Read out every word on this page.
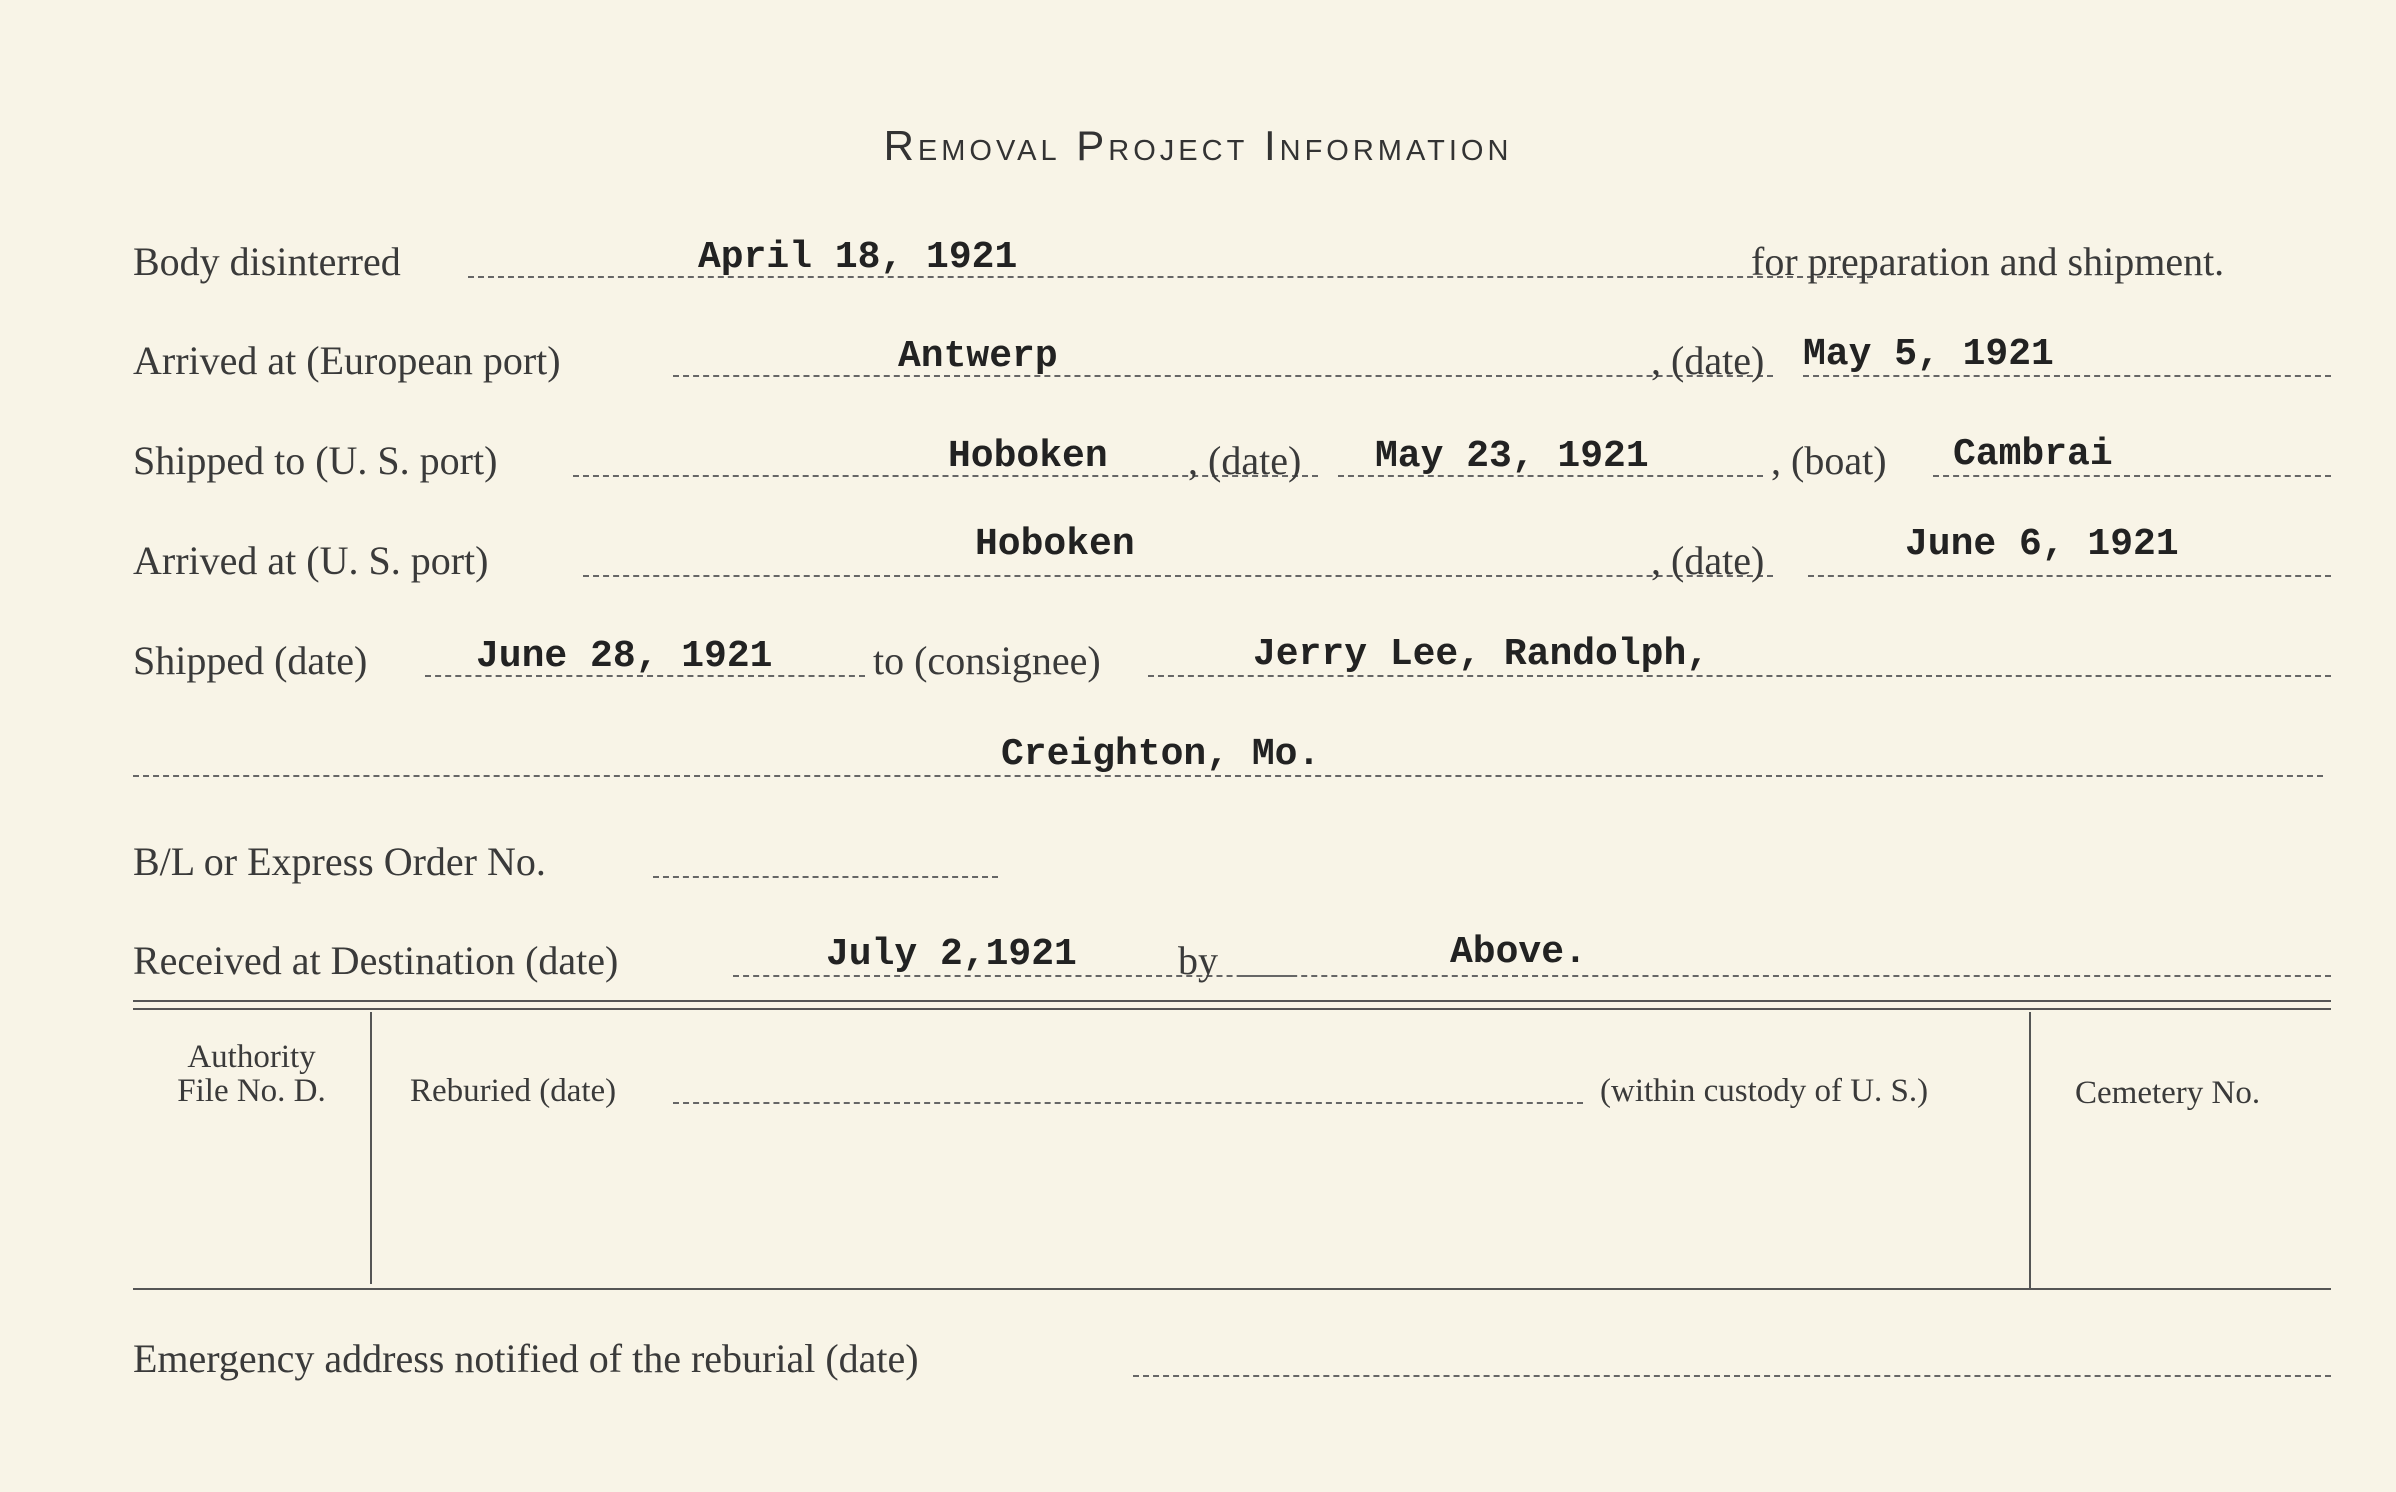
Removal Project Information
Body disinterred	April 18, 1921	for preparation and shipment.
Arrived at (European port)	Antwerp	, (date) May 5, 1921
Shipped to (U. S. port)	Hoboken , (date) May 23, 1921	, (boat) Cambrai
Arrived at (U. S. port)	Hoboken	, (date)	June 6, 1921
Shipped (date)	June 28, 1921	to (consignee)	Jerry Lee, Randolph,
Creighton, Mo.
B/L or Express Order No.
Received at Destination (date)	July 2,1921	by	Above.
Authority
File No. D.	Reburied (date)	(within custody of U. S.)	Cemetery No.
Emergency address notified of the reburial (date)
